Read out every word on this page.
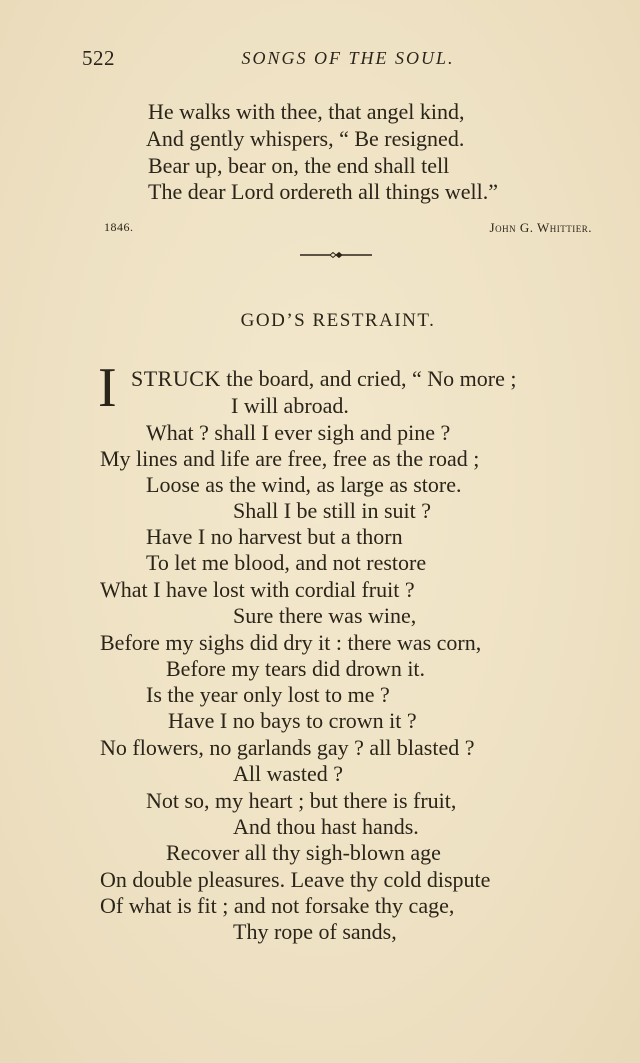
522	SONGS OF THE SOUL.
He walks with thee, that angel kind,
And gently whispers, “ Be resigned.
Bear up, bear on, the end shall tell
The dear Lord ordereth all things well.”
1846.	John G. Whittier.
GOD’S RESTRAINT.
I STRUCK the board, and cried, “ No more ;
I will abroad.
What ? shall I ever sigh and pine ?
My lines and life are free, free as the road ;
Loose as the wind, as large as store.
Shall I be still in suit ?
Have I no harvest but a thorn
To let me blood, and not restore
What I have lost with cordial fruit ?
Sure there was wine,
Before my sighs did dry it : there was corn,
Before my tears did drown it.
Is the year only lost to me ?
Have I no bays to crown it ?
No flowers, no garlands gay ? all blasted ?
All wasted ?
Not so, my heart ; but there is fruit,
And thou hast hands.
Recover all thy sigh-blown age
On double pleasures. Leave thy cold dispute
Of what is fit ; and not forsake thy cage,
Thy rope of sands,
